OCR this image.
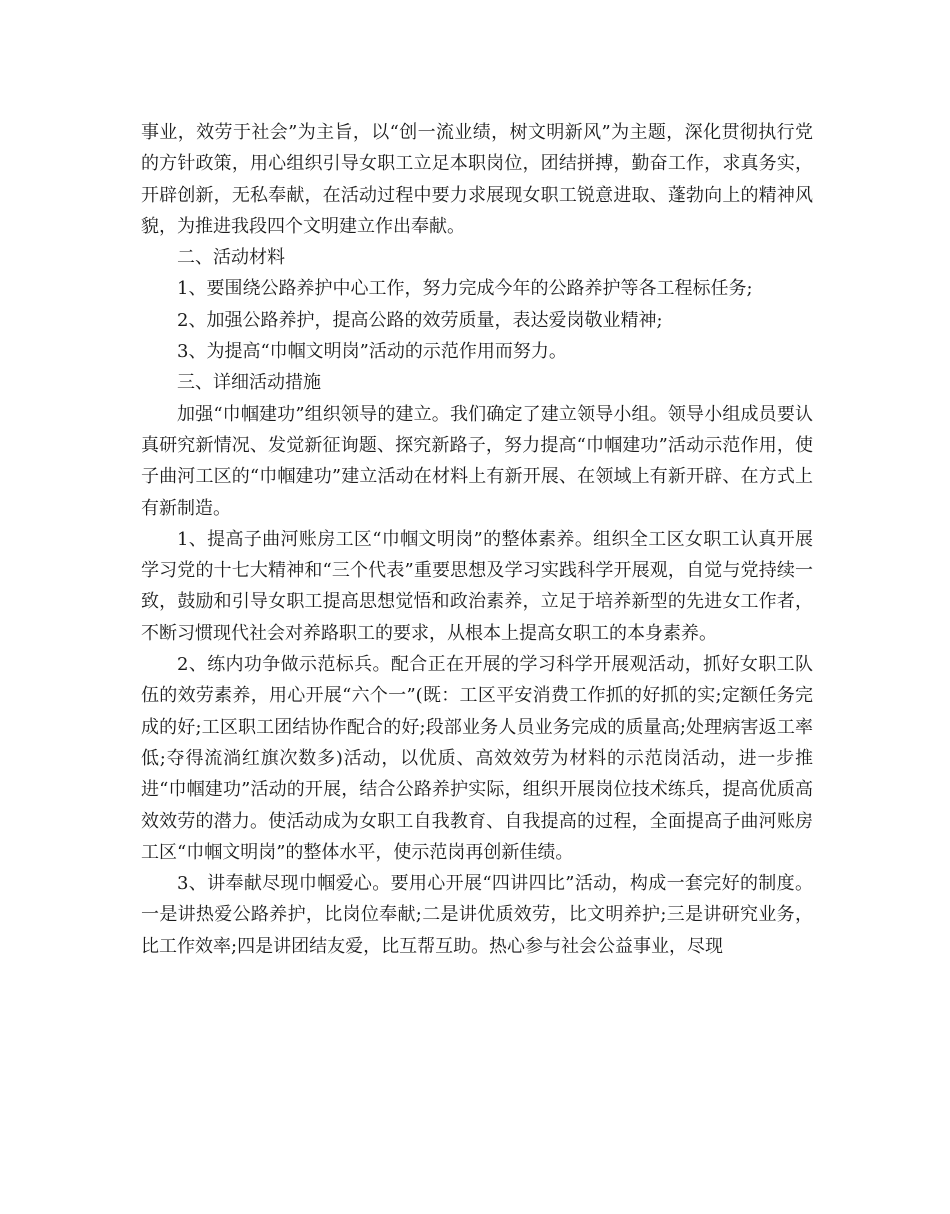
事业，效劳于社会”为主旨，以“创一流业绩，树文明新风”为主题，深化贯彻执行党的方针政策，用心组织引导女职工立足本职岗位，团结拼搏，勤奋工作，求真务实，开辟创新，无私奉献，在活动过程中要力求展现女职工锐意进取、蓬勃向上的精神风貌，为推进我段四个文明建立作出奉献。

二、活动材料

1、要围绕公路养护中心工作，努力完成今年的公路养护等各工程标任务;

2、加强公路养护，提高公路的效劳质量，表达爱岗敬业精神;

3、为提高“巾帼文明岗”活动的示范作用而努力。

三、详细活动措施

加强“巾帼建功”组织领导的建立。我们确定了建立领导小组。领导小组成员要认真研究新情况、发觉新征询题、探究新路子，努力提高“巾帼建功”活动示范作用，使子曲河工区的“巾帼建功”建立活动在材料上有新开展、在领域上有新开辟、在方式上有新制造。

1、提高子曲河账房工区“巾帼文明岗”的整体素养。组织全工区女职工认真开展学习党的十七大精神和“三个代表”重要思想及学习实践科学开展观，自觉与党持续一致，鼓励和引导女职工提高思想觉悟和政治素养，立足于培养新型的先进女工作者，不断习惯现代社会对养路职工的要求，从根本上提高女职工的本身素养。

2、练内功争做示范标兵。配合正在开展的学习科学开展观活动，抓好女职工队伍的效劳素养，用心开展“六个一”(既：工区平安消费工作抓的好抓的实;定额任务完成的好;工区职工团结协作配合的好;段部业务人员业务完成的质量高;处理病害返工率低;夺得流淌红旗次数多)活动，以优质、高效效劳为材料的示范岗活动，进一步推进“巾帼建功”活动的开展，结合公路养护实际，组织开展岗位技术练兵，提高优质高效效劳的潜力。使活动成为女职工自我教育、自我提高的过程，全面提高子曲河账房工区“巾帼文明岗”的整体水平，使示范岗再创新佳绩。

3、讲奉献尽现巾帼爱心。要用心开展“四讲四比”活动，构成一套完好的制度。一是讲热爱公路养护，比岗位奉献;二是讲优质效劳，比文明养护;三是讲研究业务，比工作效率;四是讲团结友爱，比互帮互助。热心参与社会公益事业，尽现
